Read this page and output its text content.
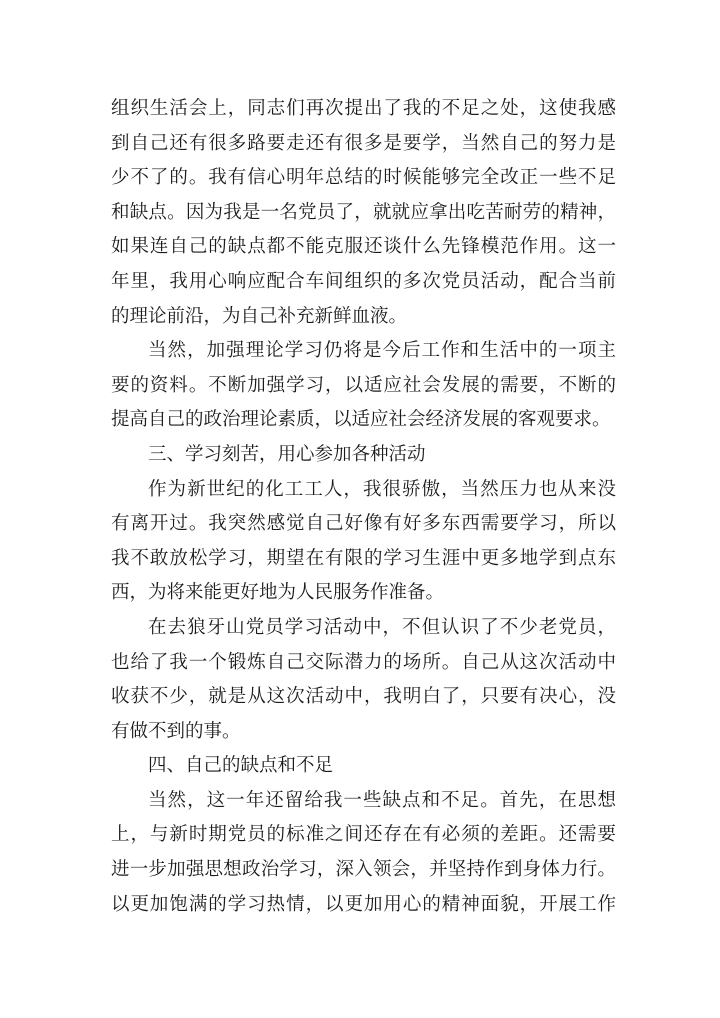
组织生活会上，同志们再次提出了我的不足之处，这使我感
到自己还有很多路要走还有很多是要学，当然自己的努力是
少不了的。我有信心明年总结的时候能够完全改正一些不足
和缺点。因为我是一名党员了，就就应拿出吃苦耐劳的精神，
如果连自己的缺点都不能克服还谈什么先锋模范作用。这一
年里，我用心响应配合车间组织的多次党员活动，配合当前
的理论前沿，为自己补充新鲜血液。
当然，加强理论学习仍将是今后工作和生活中的一项主
要的资料。不断加强学习，以适应社会发展的需要，不断的
提高自己的政治理论素质，以适应社会经济发展的客观要求。
三、学习刻苦，用心参加各种活动
作为新世纪的化工工人，我很骄傲，当然压力也从来没
有离开过。我突然感觉自己好像有好多东西需要学习，所以
我不敢放松学习，期望在有限的学习生涯中更多地学到点东
西，为将来能更好地为人民服务作准备。
在去狼牙山党员学习活动中，不但认识了不少老党员，
也给了我一个锻炼自己交际潜力的场所。自己从这次活动中
收获不少，就是从这次活动中，我明白了，只要有决心，没
有做不到的事。
四、自己的缺点和不足
当然，这一年还留给我一些缺点和不足。首先，在思想
上，与新时期党员的标准之间还存在有必须的差距。还需要
进一步加强思想政治学习，深入领会，并坚持作到身体力行。
以更加饱满的学习热情，以更加用心的精神面貌，开展工作
